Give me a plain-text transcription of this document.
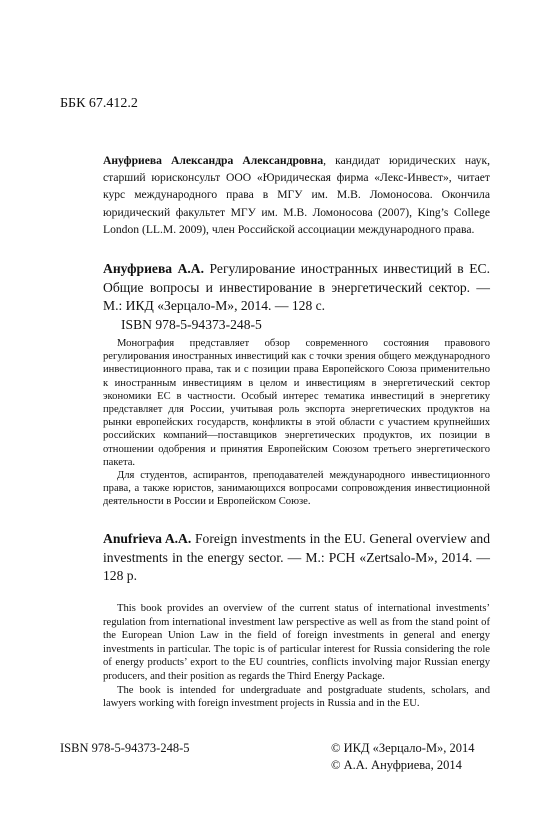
ББК 67.412.2
Ануфриева Александра Александровна, кандидат юридических наук, старший юрисконсульт ООО «Юридическая фирма «Лекс-Инвест», читает курс международного права в МГУ им. М.В. Ломоносова. Окончила юридический факультет МГУ им. М.В. Ломоносова (2007), King’s College London (LL.M. 2009), член Российской ассоциации международного права.
Ануфриева А.А. Регулирование иностранных инвестиций в ЕС. Общие вопросы и инвестирование в энергетический сектор. — М.: ИКД «Зерцало-М», 2014. — 128 с.
ISBN 978-5-94373-248-5

Монография представляет обзор современного состояния правового регулирования иностранных инвестиций как с точки зрения общего международного инвестиционного права, так и с позиции права Европейского Союза применительно к иностранным инвестициям в целом и инвестициям в энергетический сектор экономики ЕС в частности. Особый интерес тематика инвестиций в энергетику представляет для России, учитывая роль экспорта энергетических продуктов на рынки европейских государств, конфликты в этой области с участием крупнейших российских компаний—поставщиков энергетических продуктов, их позиции в отношении одобрения и принятия Европейским Союзом третьего энергетического пакета.

Для студентов, аспирантов, преподавателей международного инвестиционного права, а также юристов, занимающихся вопросами сопровождения инвестиционной деятельности в России и Европейском Союзе.

Anufrieva A.A. Foreign investments in the EU. General overview and investments in the energy sector. — M.: PCH «Zertsalo-M», 2014. — 128 p.

This book provides an overview of the current status of international investments’ regulation from international investment law perspective as well as from the stand point of the European Union Law in the field of foreign investments in general and energy investments in particular. The topic is of particular interest for Russia considering the role of energy products’ export to the EU countries, conflicts involving major Russian energy producers, and their position as regards the Third Energy Package.

The book is intended for undergraduate and postgraduate students, scholars, and lawyers working with foreign investment projects in Russia and in the EU.

ISBN 978-5-94373-248-5	© ИКД «Зерцало-М», 2014
© А.А. Ануфриева, 2014
